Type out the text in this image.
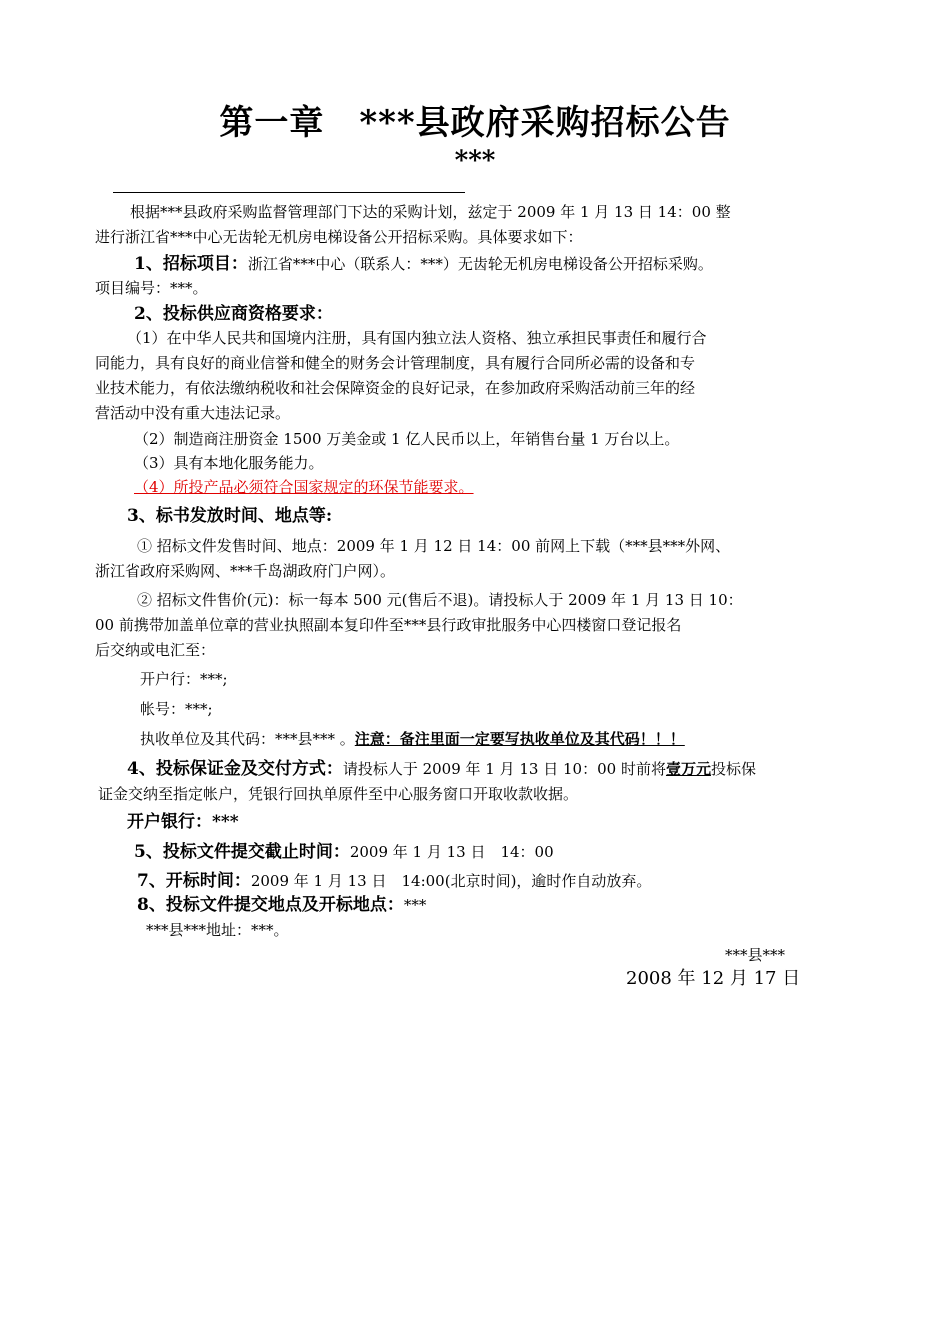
第一章　***县政府采购招标公告
***
根据***县政府采购监督管理部门下达的采购计划，兹定于 2009 年 1 月 13 日 14：00 整
进行浙江省***中心无齿轮无机房电梯设备公开招标采购。具体要求如下：
1、招标项目：浙江省***中心（联系人：***）无齿轮无机房电梯设备公开招标采购。
项目编号：***。
2、投标供应商资格要求：
（1）在中华人民共和国境内注册，具有国内独立法人资格、独立承担民事责任和履行合
同能力，具有良好的商业信誉和健全的财务会计管理制度，具有履行合同所必需的设备和专
业技术能力，有依法缴纳税收和社会保障资金的良好记录，在参加政府采购活动前三年的经
营活动中没有重大违法记录。
（2）制造商注册资金 1500 万美金或 1 亿人民币以上，年销售台量 1 万台以上。
（3）具有本地化服务能力。
（4）所投产品必须符合国家规定的环保节能要求。
3、标书发放时间、地点等:
① 招标文件发售时间、地点：2009 年 1 月 12 日 14：00 前网上下载（***县***外网、
浙江省政府采购网、***千岛湖政府门户网）。
② 招标文件售价(元)：标一每本 500 元(售后不退)。请投标人于 2009 年 1 月 13 日 10：
00 前携带加盖单位章的营业执照副本复印件至***县行政审批服务中心四楼窗口登记报名
后交纳或电汇至：
开户行：***;
帐号：***;
执收单位及其代码：***县*** 。注意：备注里面一定要写执收单位及其代码！！！
4、投标保证金及交付方式：请投标人于 2009 年 1 月 13 日 10：00 时前将壹万元投标保
证金交纳至指定帐户，凭银行回执单原件至中心服务窗口开取收款收据。
开户银行：***
5、投标文件提交截止时间：2009 年 1 月 13 日　14：00
7、开标时间：2009 年 1 月 13 日　14:00(北京时间)，逾时作自动放弃。
8、投标文件提交地点及开标地点：***
***县***地址：***。
***县***
2008 年 12 月 17 日
